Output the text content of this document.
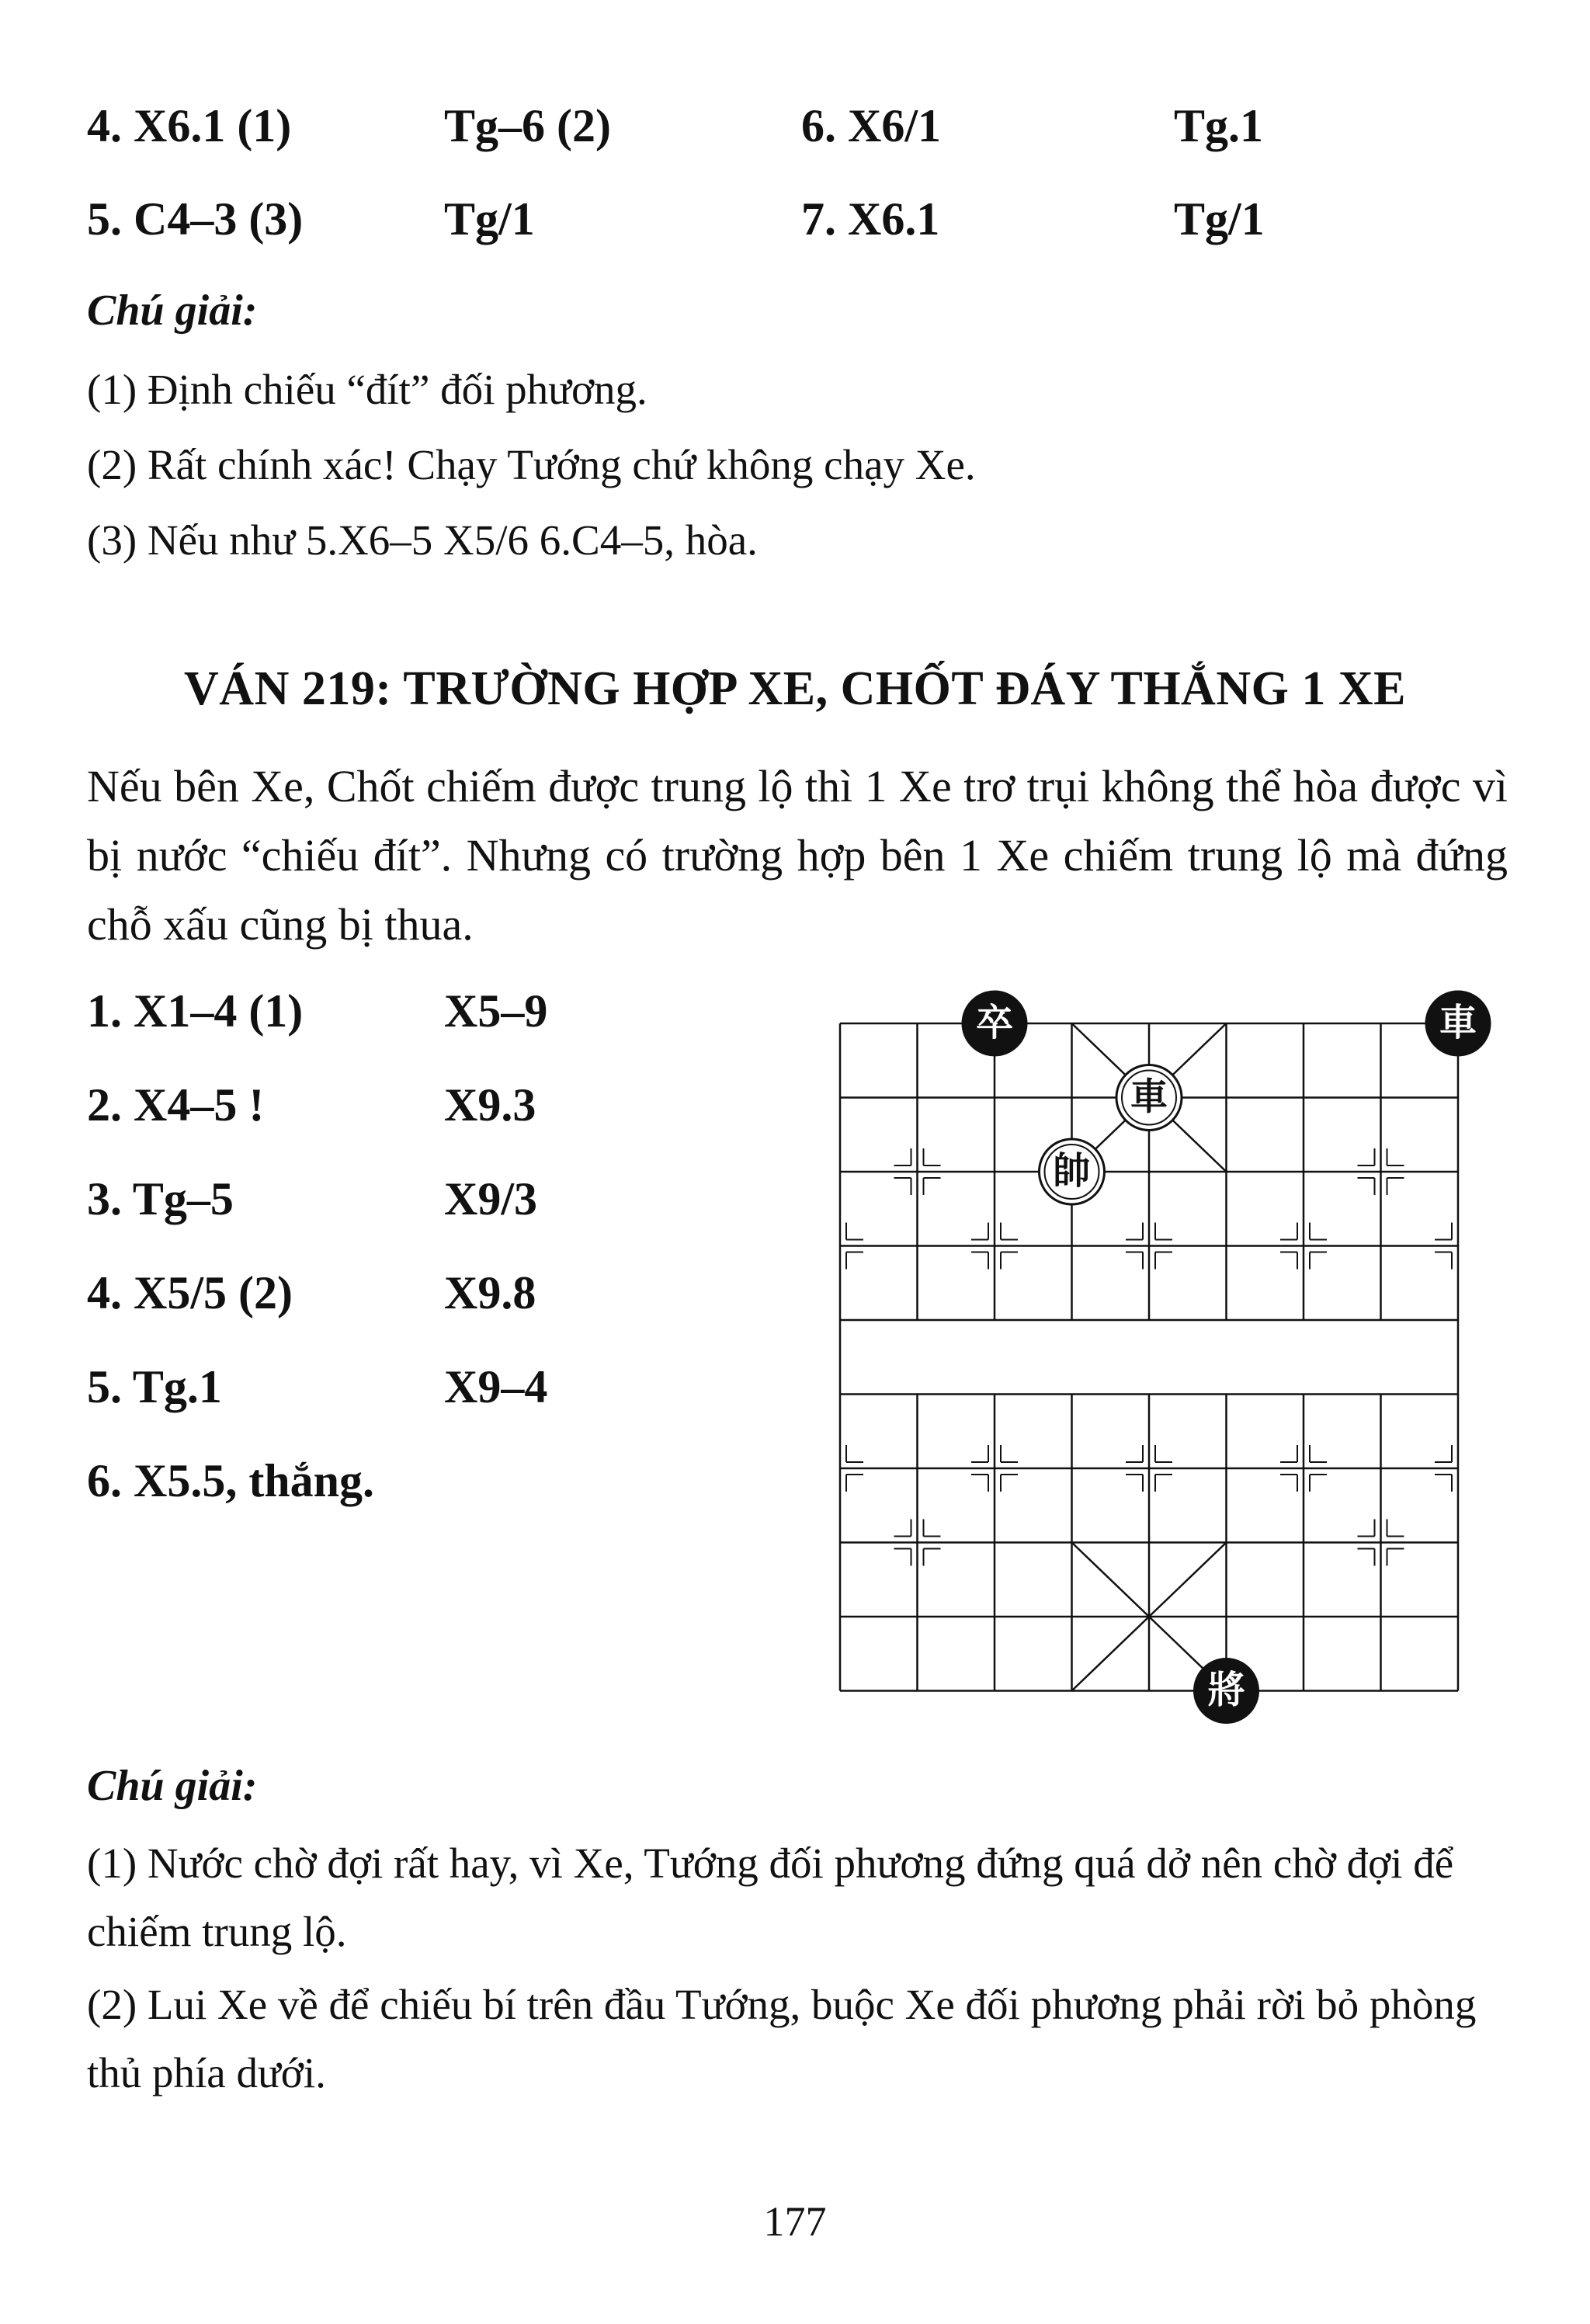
4. X6.1 (1)	Tg–6 (2)	6. X6/1	Tg.1
5. C4–3 (3)	Tg/1	7. X6.1	Tg/1
Chú giải:
(1) Định chiếu “đít” đối phương.
(2) Rất chính xác! Chạy Tướng chứ không chạy Xe.
(3) Nếu như 5.X6–5 X5/6 6.C4–5, hòa.
VÁN 219: TRƯỜNG HỢP XE, CHỐT ĐÁY THẮNG 1 XE
Nếu bên Xe, Chốt chiếm được trung lộ thì 1 Xe trơ trụi không thể hòa được vì bị nước “chiếu đít”. Nhưng có trường hợp bên 1 Xe chiếm trung lộ mà đứng chỗ xấu cũng bị thua.
1. X1–4 (1)	X5–9
2. X4–5 !	X9.3
3. Tg–5	X9/3
4. X5/5 (2)	X9.8
5. Tg.1	X9–4
6. X5.5, thắng.
卒	車
車
帥
將
Chú giải:
(1) Nước chờ đợi rất hay, vì Xe, Tướng đối phương đứng quá dở nên chờ đợi để chiếm trung lộ.
(2) Lui Xe về để chiếu bí trên đầu Tướng, buộc Xe đối phương phải rời bỏ phòng thủ phía dưới.
177
